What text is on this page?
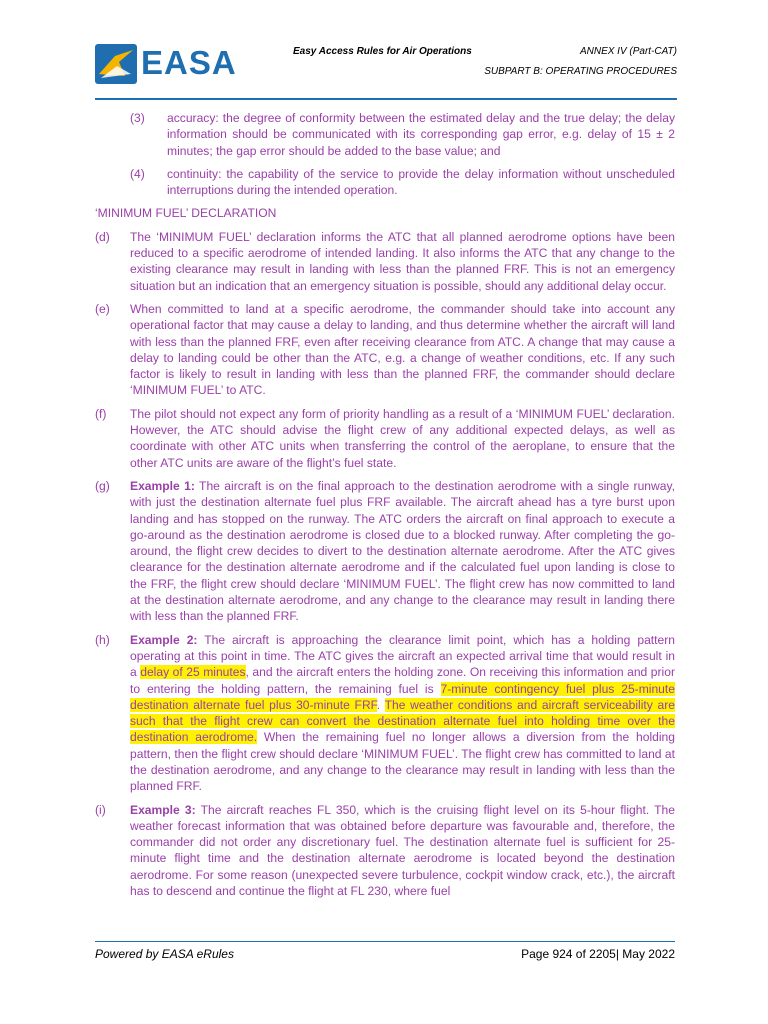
EASA	Easy Access Rules for Air Operations	ANNEX IV (Part-CAT)
SUBPART B: OPERATING PROCEDURES
(3) accuracy: the degree of conformity between the estimated delay and the true delay; the delay information should be communicated with its corresponding gap error, e.g. delay of 15 ± 2 minutes; the gap error should be added to the base value; and
(4) continuity: the capability of the service to provide the delay information without unscheduled interruptions during the intended operation.
‘MINIMUM FUEL’ DECLARATION
(d) The ‘MINIMUM FUEL’ declaration informs the ATC that all planned aerodrome options have been reduced to a specific aerodrome of intended landing. It also informs the ATC that any change to the existing clearance may result in landing with less than the planned FRF. This is not an emergency situation but an indication that an emergency situation is possible, should any additional delay occur.
(e) When committed to land at a specific aerodrome, the commander should take into account any operational factor that may cause a delay to landing, and thus determine whether the aircraft will land with less than the planned FRF, even after receiving clearance from ATC. A change that may cause a delay to landing could be other than the ATC, e.g. a change of weather conditions, etc. If any such factor is likely to result in landing with less than the planned FRF, the commander should declare ‘MINIMUM FUEL’ to ATC.
(f) The pilot should not expect any form of priority handling as a result of a ‘MINIMUM FUEL’ declaration. However, the ATC should advise the flight crew of any additional expected delays, as well as coordinate with other ATC units when transferring the control of the aeroplane, to ensure that the other ATC units are aware of the flight’s fuel state.
(g) Example 1: The aircraft is on the final approach to the destination aerodrome with a single runway, with just the destination alternate fuel plus FRF available. The aircraft ahead has a tyre burst upon landing and has stopped on the runway. The ATC orders the aircraft on final approach to execute a go-around as the destination aerodrome is closed due to a blocked runway. After completing the go-around, the flight crew decides to divert to the destination alternate aerodrome. After the ATC gives clearance for the destination alternate aerodrome and if the calculated fuel upon landing is close to the FRF, the flight crew should declare ‘MINIMUM FUEL’. The flight crew has now committed to land at the destination alternate aerodrome, and any change to the clearance may result in landing there with less than the planned FRF.
(h) Example 2: The aircraft is approaching the clearance limit point, which has a holding pattern operating at this point in time. The ATC gives the aircraft an expected arrival time that would result in a delay of 25 minutes, and the aircraft enters the holding zone. On receiving this information and prior to entering the holding pattern, the remaining fuel is 7-minute contingency fuel plus 25-minute destination alternate fuel plus 30-minute FRF. The weather conditions and aircraft serviceability are such that the flight crew can convert the destination alternate fuel into holding time over the destination aerodrome. When the remaining fuel no longer allows a diversion from the holding pattern, then the flight crew should declare ‘MINIMUM FUEL’. The flight crew has committed to land at the destination aerodrome, and any change to the clearance may result in landing with less than the planned FRF.
(i) Example 3: The aircraft reaches FL 350, which is the cruising flight level on its 5-hour flight. The weather forecast information that was obtained before departure was favourable and, therefore, the commander did not order any discretionary fuel. The destination alternate fuel is sufficient for 25-minute flight time and the destination alternate aerodrome is located beyond the destination aerodrome. For some reason (unexpected severe turbulence, cockpit window crack, etc.), the aircraft has to descend and continue the flight at FL 230, where fuel
Powered by EASA eRules	Page 924 of 2205| May 2022
